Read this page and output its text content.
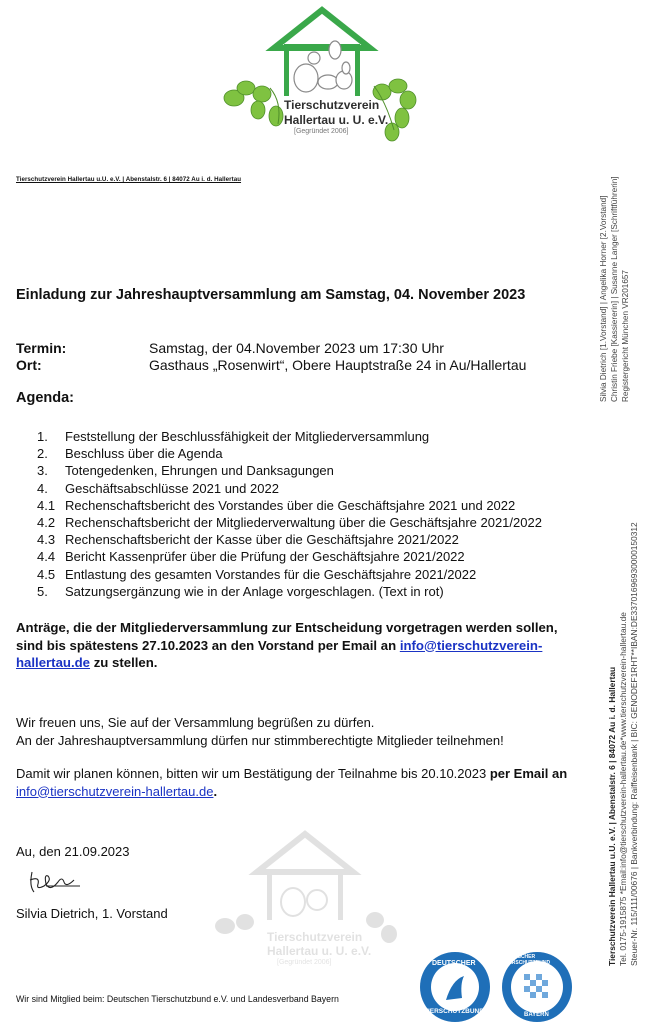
Tierschutzverein
Hallertau u. U. e.V.
[Gegründet 2006]
Tierschutzverein Hallertau u.U. e.V. | Abenstalstr. 6 | 84072 Au i. d. Hallertau
Einladung zur Jahreshauptversammlung am Samstag, 04. November 2023
Termin:	Samstag, der 04.November 2023 um 17:30 Uhr
Ort:	Gasthaus „Rosenwirt“, Obere Hauptstraße 24 in Au/Hallertau
Agenda:
1.	Feststellung der Beschlussfähigkeit der Mitgliederversammlung
2.	Beschluss über die Agenda
3.	Totengedenken, Ehrungen und Danksagungen
4.	Geschäftsabschlüsse 2021 und 2022
4.1 Rechenschaftsbericht des Vorstandes über die Geschäftsjahre 2021 und 2022
4.2 Rechenschaftsbericht der Mitgliederverwaltung über die Geschäftsjahre 2021/2022
4.3 Rechenschaftsbericht der Kasse über die Geschäftsjahre 2021/2022
4.4 Bericht Kassenprüfer über die Prüfung der Geschäftsjahre 2021/2022
4.5 Entlastung des gesamten Vorstandes für die Geschäftsjahre 2021/2022
5.	Satzungsergänzung wie in der Anlage vorgeschlagen. (Text in rot)
Anträge, die der Mitgliederversammlung zur Entscheidung vorgetragen werden sollen, sind bis spätestens 27.10.2023 an den Vorstand per Email an info@tierschutzverein-hallertau.de zu stellen.
Wir freuen uns, Sie auf der Versammlung begrüßen zu dürfen.
An der Jahreshauptversammlung dürfen nur stimmberechtigte Mitglieder teilnehmen!
Damit wir planen können, bitten wir um Bestätigung der Teilnahme bis 20.10.2023 per Email an info@tierschutzverein-hallertau.de.
Au, den 21.09.2023
Silvia Dietrich, 1. Vorstand
Tierschutzverein
Hallertau u. U. e.V.
[Gegründet 2006]
Wir sind Mitglied beim: Deutschen Tierschutzbund e.V. und Landesverband Bayern
DEUTSCHER
TIERSCHUTZBUND
DEUTSCHER TIERSCHUTZBUND
BAYERN
Silvia Dietrich [1.Vorstand] | Angelika Horner [2.Vorstand] Christin Friebe [Kassiererin] | Susanne Langer [Schriftführerin] Registergericht München VR201657
Tierschutzverein Hallertau u.U. e.V. | Abenstalstr. 6 | 84072 Au i. d. Hallertau Tel. 0175-1915875 *Email:info@tierschutzverein-hallertau.de*www.tierschutzverein-hallertau.de Steuer-Nr. 115/111/00676 | Bankverbindung: Raiffeisenbank | BIC: GENODEF1RHT**IBAN:DE33701696930000150312
